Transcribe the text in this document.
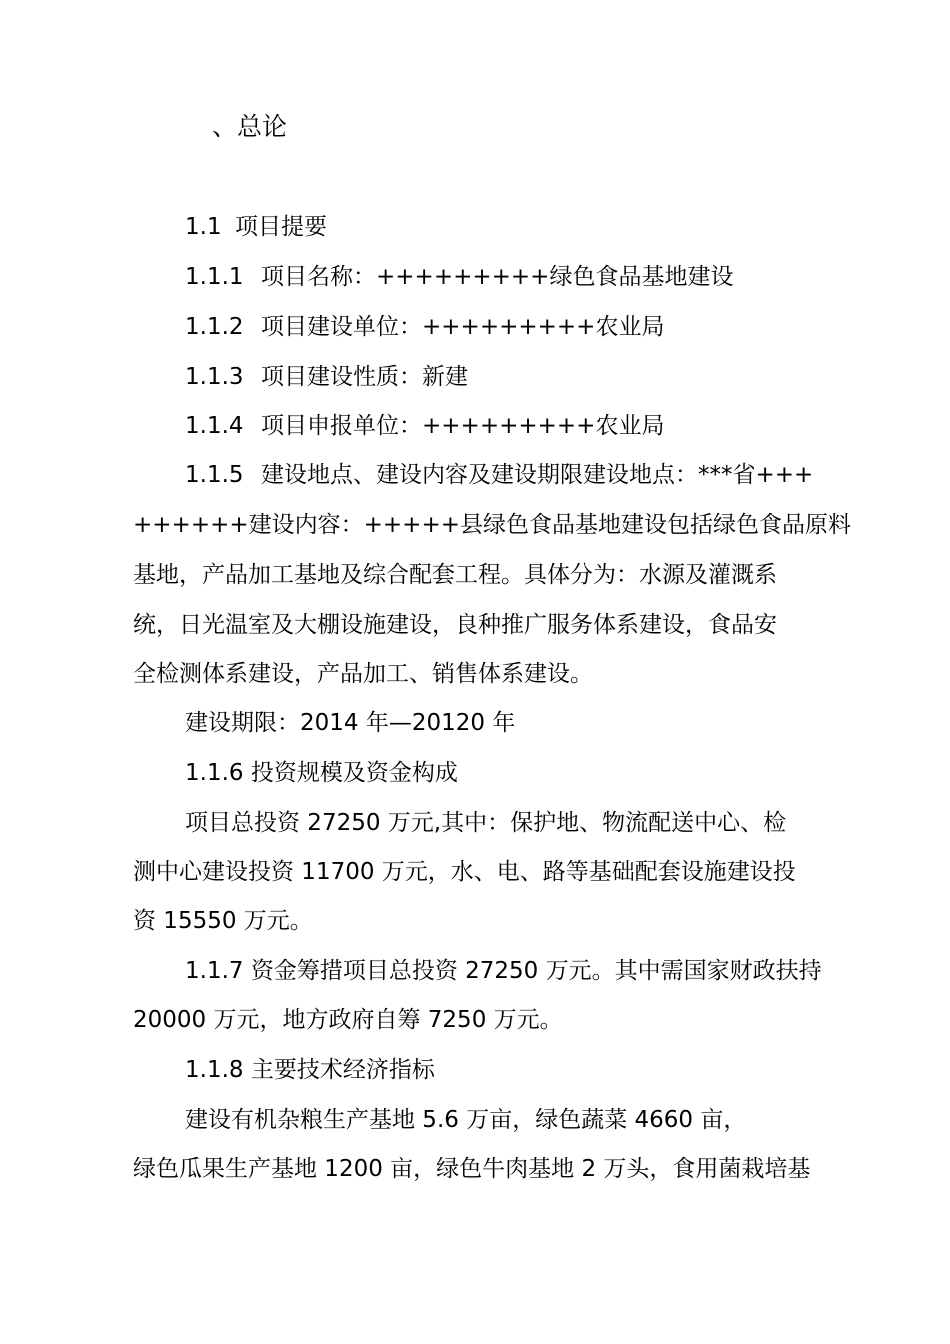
、总论
1.1 项目提要
1.1.1 项目名称：+++++++++绿色食品基地建设
1.1.2 项目建设单位：+++++++++农业局
1.1.3 项目建设性质：新建
1.1.4 项目申报单位：+++++++++农业局
1.1.5 建设地点、建设内容及建设期限建设地点：***省+++
++++++建设内容：+++++县绿色食品基地建设包括绿色食品原料
基地，产品加工基地及综合配套工程。具体分为：水源及灌溉系
统，日光温室及大棚设施建设，良种推广服务体系建设，食品安
全检测体系建设，产品加工、销售体系建设。
建设期限：2014 年—20120 年
1.1.6 投资规模及资金构成
项目总投资 27250 万元,其中：保护地、物流配送中心、检
测中心建设投资 11700 万元，水、电、路等基础配套设施建设投
资 15550 万元。
1.1.7 资金筹措项目总投资 27250 万元。其中需国家财政扶持
20000 万元，地方政府自筹 7250 万元。
1.1.8 主要技术经济指标
建设有机杂粮生产基地 5.6 万亩，绿色蔬菜 4660 亩，
绿色瓜果生产基地 1200 亩，绿色牛肉基地 2 万头，食用菌栽培基
